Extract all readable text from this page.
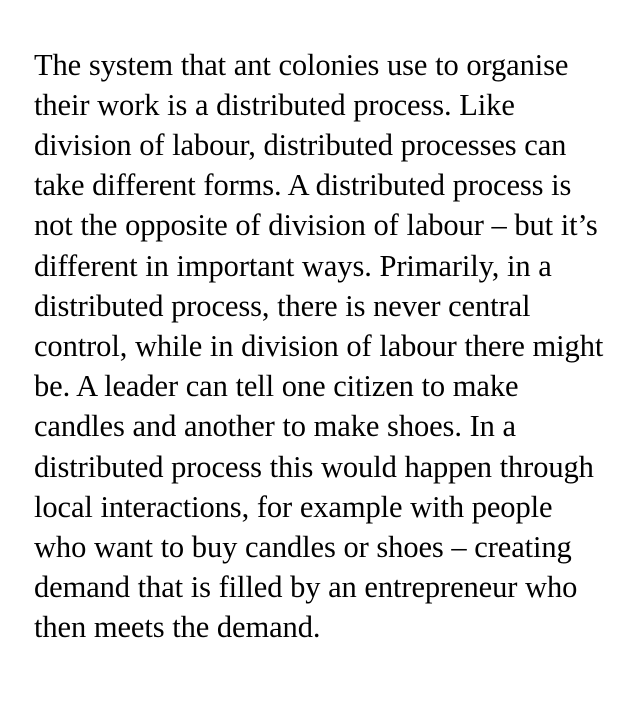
The system that ant colonies use to organise their work is a distributed process. Like division of labour, distributed processes can take different forms. A distributed process is not the opposite of division of labour – but it’s different in important ways. Primarily, in a distributed process, there is never central control, while in division of labour there might be. A leader can tell one citizen to make candles and another to make shoes. In a distributed process this would happen through local interactions, for example with people who want to buy candles or shoes – creating demand that is filled by an entrepreneur who then meets the demand.
